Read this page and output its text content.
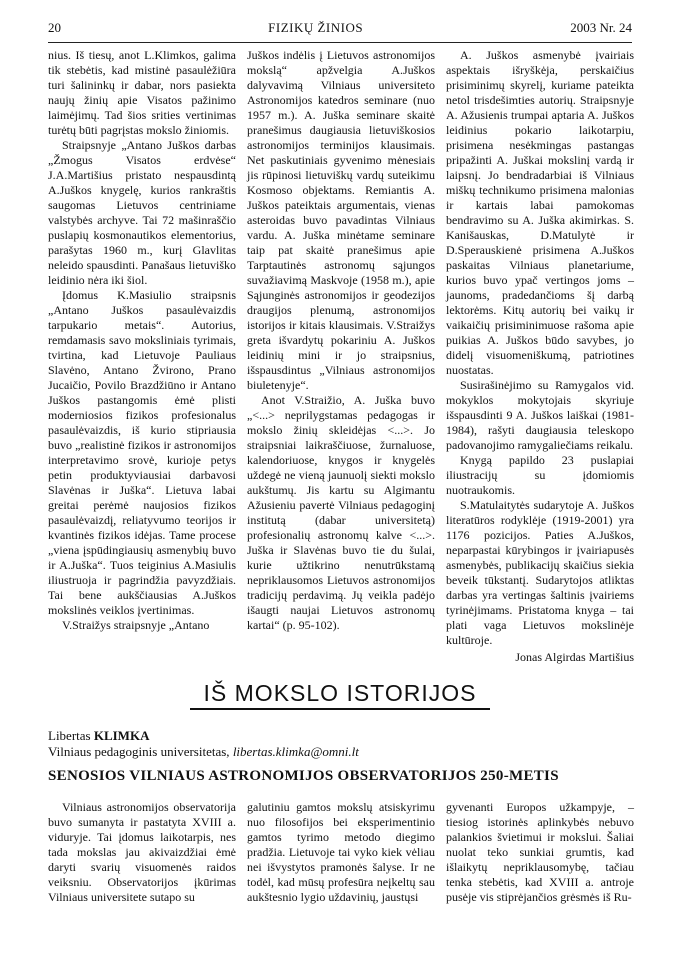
20	FIZIKŲ ŽINIOS	2003 Nr. 24

nius. Iš tiesų, anot L.Klimkos, galima tik stebėtis, kad mistinė pasaulėžiūra turi šalininkų ir dabar, nors pasiekta naujų žinių apie Visatos pažinimo laimėjimų. Tad šios srities vertinimas turėtų būti pagrįstas mokslo žiniomis.

Straipsnyje „Antano Juškos darbas „Žmogus Visatos erdvėse“ J.A.Martišius pristato nespausdintą A.Juškos knygelę, kurios rankraštis saugomas Lietuvos centriniame valstybės archyve. Tai 72 mašinraščio puslapių kosmonautikos elementorius, parašytas 1960 m., kurį Glavlitas neleido spausdinti. Panašaus lietuviško leidinio nėra iki šiol.

Įdomus K.Masiulio straipsnis „Antano Juškos pasaulėvaizdis tarpukario metais“. Autorius, remdamasis savo moksliniais tyrimais, tvirtina, kad Lietuvoje Pauliaus Slavėno, Antano Žvirono, Prano Jucaičio, Povilo Brazdžiūno ir Antano Juškos pastangomis ėmė plisti moderniosios fizikos profesionalus pasaulėvaizdis, iš kurio stipriausia buvo „realistinė fizikos ir astronomijos interpretavimo srovė, kurioje petys petin produktyviausiai darbavosi Slavėnas ir Juška“. Lietuva labai greitai perėmė naujosios fizikos pasaulėvaizdį, reliatyvumo teorijos ir kvantinės fizikos idėjas. Tame procese „viena įspūdingiausių asmenybių buvo ir A.Juška“. Tuos teiginius A.Masiulis iliustruoja ir pagrindžia pavyzdžiais. Tai bene aukščiausias A.Juškos mokslinės veiklos įvertinimas.

V.Straižys straipsnyje „Antano

Juškos indėlis į Lietuvos astronomijos mokslą“ apžvelgia A.Juškos dalyvavimą Vilniaus universiteto Astronomijos katedros seminare (nuo 1957 m.). A. Juška seminare skaitė pranešimus daugiausia lietuviškosios astronomijos terminijos klausimais. Net paskutiniais gyvenimo mėnesiais jis rūpinosi lietuviškų vardų suteikimu Kosmoso objektams. Remiantis A. Juškos pateiktais argumentais, vienas asteroidas buvo pavadintas Vilniaus vardu. A. Juška minėtame seminare taip pat skaitė pranešimus apie Tarptautinės astronomų sąjungos suvažiavimą Maskvoje (1958 m.), apie Sąjunginės astronomijos ir geodezijos draugijos plenumą, astronomijos istorijos ir kitais klausimais. V.Straižys greta išvardytų pokariniu A. Juškos leidinių mini ir jo straipsnius, išspausdintus „Vilniaus astronomijos biuletenyje“.

Anot V.Straižio, A. Juška buvo „<...> neprilygstamas pedagogas ir mokslo žinių skleidėjas <...>. Jo straipsniai laikraščiuose, žurnaluose, kalendoriuose, knygos ir knygelės uždegė ne vieną jaunuolį siekti mokslo aukštumų. Jis kartu su Algimantu Ažusieniu pavertė Vilniaus pedagoginį institutą (dabar universitetą) profesionalių astronomų kalve <...>. Juška ir Slavėnas buvo tie du šulai, kurie užtikrino nenutrūkstamą nepriklausomos Lietuvos astronomijos tradicijų perdavimą. Jų veikla padėjo išaugti naujai Lietuvos astronomų kartai“ (p. 95-102).

A. Juškos asmenybė įvairiais aspektais išryškėja, perskaičius prisiminimų skyrelį, kuriame pateikta netol trisdešimties autorių. Straipsnyje A. Ažusienis trumpai aptaria A. Juškos leidinius pokario laikotarpiu, prisimena nesėkmingas pastangas pripažinti A. Juškai mokslinį vardą ir laipsnį. Jo bendradarbiai iš Vilniaus miškų technikumo prisimena malonias ir kartais labai pamokomas bendravimo su A. Juška akimirkas. S. Kanišauskas, D.Matulytė ir D.Sperauskienė prisimena A.Juškos paskaitas Vilniaus planetariume, kurios buvo ypač vertingos joms – jaunoms, pradedančioms šį darbą lektorėms. Kitų autorių bei vaikų ir vaikaičių prisiminimuose rašoma apie puikias A. Juškos būdo savybes, jo didelį visuomeniškumą, patriotines nuostatas.

Susirašinėjimo su Ramygalos vid. mokyklos mokytojais skyriuje išspausdinti 9 A. Juškos laiškai (1981-1984), rašyti daugiausia teleskopo padovanojimo ramygaliečiams reikalu.

Knygą papildo 23 puslapiai iliustracijų su įdomiomis nuotraukomis.

S.Matulaitytės sudarytoje A. Juškos literatūros rodyklėje (1919-2001) yra 1176 pozicijos. Paties A.Juškos, neparpastai kūrybingos ir įvairiapusės asmenybės, publikacijų skaičius siekia beveik tūkstantį. Sudarytojos atliktas darbas yra vertingas šaltinis įvairiems tyrinėjimams. Pristatoma knyga – tai plati vaga Lietuvos mokslinėje kultūroje.

Jonas Algirdas Martišius

IŠ MOKSLO ISTORIJOS
Libertas KLIMKA
Vilniaus pedagoginis universitetas, libertas.klimka@omni.lt
SENOSIOS VILNIAUS ASTRONOMIJOS OBSERVATORIJOS 250-METIS

Vilniaus astronomijos observatorija buvo sumanyta ir pastatyta XVIII a. viduryje. Tai įdomus laikotarpis, nes tada mokslas jau akivaizdžiai ėmė daryti svarių visuomenės raidos veiksniu. Observatorijos įkūrimas Vilniaus universitete sutapo su

galutiniu gamtos mokslų atsiskyrimu nuo filosofijos bei eksperimentinio gamtos tyrimo metodo diegimo pradžia. Lietuvoje tai vyko kiek vėliau nei išvystytos pramonės šalyse. Ir ne todėl, kad mūsų profesūra neįkeltų sau aukštesnio lygio uždavinių, jaustųsi

gyvenanti Europos užkampyje, – tiesiog istorinės aplinkybės nebuvo palankios švietimui ir mokslui. Šaliai nuolat teko sunkiai grumtis, kad išlaikytų nepriklausomybę, tačiau tenka stebėtis, kad XVIII a. antroje pusėje vis stiprėjančios grėsmės iš Ru-
